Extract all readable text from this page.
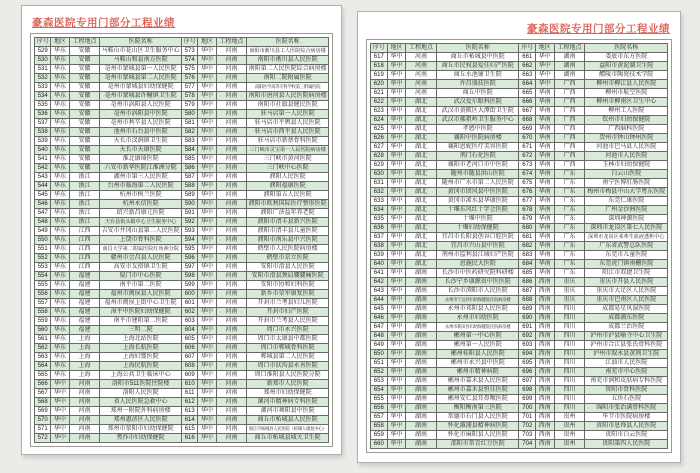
豪森医院专用门部分工程业绩
序号	地区	工程地点	医院名称	序号	地区	工程地点	医院名称
529	华东	安徽	马鞍山市花山区卫生服务中心	573	华中	河南	南阳市淅川县工人医院综合病房楼
530	华东	安徽	马鞍山和县南方医院	574	华中	河南	南阳市淅川县人民医院
531	华东	安徽	亳州市蒙城县第一人民医院	575	华中	河南	南阳第二人民医院综合病房楼
532	华东	安徽	亳州市蒙城县第二人民医院	576	华中	河南	南阳二院附属医院
533	华东	安徽	亳州市蒙城县妇幼保健院	577	华中	河南	南阳医学高等专科学校第三附属医院
534	华东	安徽	亳州市蒙城县许疃镇卫生院	578	华中	河南	南阳市唐河县人民医院病房楼
535	华东	安徽	亳州市涡阳县人民医院	579	华中	河南	南阳市社旗县健民医院
536	华东	安徽	亳州市涡阳县中医院	580	华中	河南	驻马店第一人民医院
537	华东	安徽	亳州市利辛县人民医院	581	华中	河南	驻马店市平舆县人民医院
538	华东	安徽	池州市石台县中医院	582	华中	河南	驻马店市西平县人民医院
539	华东	安徽	天长市汊涧镇卫生院	583	华中	河南	驻马店市新蔡骨科医院
540	华东	安徽	天长市天康医院	584	华中	河南	三门峡市灵宝第一人民医院病房楼
541	华东	安徽	淮北康琦医院	585	华中	河南	三门峡市黄河医院
542	华东	安徽	六安市新华医院江淮洲分院	586	华中	河南	三门峡中心医院
543	华东	浙江	湖州市第三人民医院	587	华中	河南	濮阳人民医院
544	华东	浙江	台州市临海第二人民医院	588	华中	河南	濮阳福康医院
545	华东	浙江	杭州市树兰医院	589	华中	河南	濮阳第五人民医院
546	华东	浙江	杭州永信医院	590	华中	河南	濮阳市欧利国际医疗整形医院
547	华东	浙江	绍兴新昌康元医院	591	华中	河南	濮阳广济益年养老院
548	华东	浙江	天台县街头镇中心卫生服务中心	592	华中	河南	濮阳市清丰县新兴医院
549	华东	江西	吉安市井冈山县第二人民医院	593	华中	河南	濮阳市清丰县儿童医院
550	华东	江西	上饶市骨科医院	594	华中	河南	濮阳市南乐县中兴医院
551	华东	江西	南昌大学第二附属医院红角洲分院	595	华中	河南	鹤壁市人民医院病房楼
552	华东	江西	赣州市会昌县人民医院	596	华中	河南	鹤壁市京立医院
553	华东	江西	高安市友搭镇卫生院	597	华中	河南	安阳市滑县人民医院
554	华东	福建	厦门市中心医院	598	华中	河南	安阳市滑县颈肩腰腿痛医院
555	华东	福建	南平市第二医院	599	华中	河南	安阳市协和妇科医院
556	华东	福建	福州市闽侯县人民医院	600	华中	河南	新乡市荣军康复医院
557	华东	福建	福州市闽侯上街中心卫生院	601	华中	河南	开封市兰考县妇儿医院
558	华东	福建	漳平中医院妇幼保健院	602	华中	河南	开封市妇产医院
559	华东	福建	南平市建阳第二医院	603	华中	河南	开封市兰考县人民医院
560	华东	福建	三明二院	604	华中	河南	周口市永兴医院
561	华东	上海	上海北站医院	605	华中	河南	周口市太康县中都医院
562	华东	上海	上海长航医院	606	华中	河南	周口市郸城骨科医院
563	华东	上海	上海妇婴医院	607	华中	河南	郸城县第二人民医院
564	华东	上海	上海民航医院	608	华中	河南	周口市扶沟县永善医院
565	华东	上海	上海公共卫生临床中心	609	华中	河南	周口淮阳县人民医院分院
566	华中	河南	洛阳市511医院住院楼	610	华中	河南	新郑市人民医院
567	华中	河南	洛阳人民医院	611	华中	河南	郑州市妇幼保健院
568	华中	河南	省人民医院急救中心	612	华中	河南	漯河市精神病专科医院
569	华中	河南	郑州一附院外科病房楼	613	华中	河南	漯河市舞阳县中医院
570	华中	河南	郑州惠济区人民医院	614	华中	河南	商丘市柘城县人民医院
571	华中	河南	郑州市荥阳市妇幼保健院	615	华中	河南	商丘市柘城县人民医院（柘城人康复中心）
572	华中	河南	焦作市妇幼保健院	616	华中	河南	商丘市柘城县城关卫生院
豪森医院专用门部分工程业绩
序号	地区	工程地点	医院名称	序号	地区	工程地点	医院名称
617	华中	河南	商丘市柘城县中医院	661	华中	湖南	娄底市东方医院
618	华中	河南	商丘市民权县爱佳妇产医院	662	华中	湖南	益阳市黄泥湖卫生院
619	华中	河南	商丘水池铺卫生院	663	华中	湖南	醴陵市陶瓷技术学院
620	华中	河南	许昌盛扶医院	664	华中	广西	柳州市柳江县人民医院
621	华中	河南	商丘中医院	665	华南	广西	柳州市航空医院
622	华中	湖北	武汉爱尔眼科医院	666	华南	广西	柳州市柳南区卫生中心
623	华中	湖北	武汉市黄陂区大潭街卫生院	667	华南	广西	柳州工人医院
624	华中	湖北	武汉市佛祖岭卫生服务中心	668	华南	广西	钦州市妇幼保健院
625	华中	湖北	孝感中医院	669	华南	广西	广西脑科医院
626	华中	湖北	襄阳中医院病房楼	670	华南	广西	贺州市钟山钟州医院
627	华中	湖北	襄阳恩妮医疗美容医院	671	华南	广西	河池市巴马县人民医院
628	华中	湖北	荆门石化医院	672	华南	广西	河池市人民医院
629	华中	湖北	襄阳市老河口市中医院	673	华南	广西	玉林市妇幼保健院
630	华中	湖北	随州市随县洪山医院	674	华南	广东	白云山医院
631	华中	湖北	随州市广水市第二人民医院	675	华南	广东	南宁医博肛肠医院
632	华中	湖北	黄冈市团风县中医医院	676	华南	广东	梅州市梅县中山大学粤东医院
633	华中	湖北	黄冈市浠水县华康医院	677	华南	广东	东莞仁康医院
634	华中	湖北	十堰东风红十字会医院	678	华南	广东	广州金沙洲医院
635	华中	湖北	十堰中医院	679	华南	广东	深圳神源医院
636	华中	湖北	十堰妇幼保健院	680	华南	广东	深圳市龙岗区第七人民医院
637	华中	湖北	宜昌市长阳县创谷口腔医院	681	华南	广东	深圳市龙岗区莱弗生血液透析中心
638	华中	湖北	宜昌市兴山县中医院	682	华南	广东	广东省武警总队医院
639	华中	湖北	荆州市监利县江城妇产医院	683	华南	广东	东莞市儿童医院
640	华中	湖北	恩施民大医院	684	华南	广东	东莞虎门镇南栅医院
641	华中	湖南	长沙市中医药研究院科研楼	685	华南	广东	阳江市双捷卫生院
642	华中	湖南	长沙宁乡康源贵中医医院	686	西南	重庆	重庆市开县人民医院
643	华中	湖南	长沙市浏阳市人民医院	687	西南	重庆	重庆市大足区人民医院
644	华中	湖南	永州市宁远县妇幼保健院住院病房楼	688	西南	重庆	重庆市巴南区人民医院
645	华中	湖南	永州市祁阳县人民医院	689	西南	四川	成都易星风湿医院
646	华中	湖南	永州市妇幼医院	690	西南	四川	成都浦东医院
647	华中	湖南	永州市新田县妇幼保健院住院病房楼	691	西南	四川	成都兰治医院
648	华中	湖南	郴州第一中心医院	692	西南	四川	泸州市泸县喻寺中心卫生院
649	华中	湖南	郴州第一人民医院	693	西南	四川	泸州市合江县张氏骨科医院
650	华中	湖南	郴州桂阳县人民医院	694	西南	四川	泸州市叙永县黄荆卫生院
651	华中	湖南	郴州市永兴县中医院	695	西南	四川	江油市人民医院
652	华中	湖南	郴州市精神病院	696	西南	四川	南充市中心医院
653	华中	湖南	郴州市嘉禾县人民医院	697	西南	四川	南充市润和皮肤病专科医院
654	华中	湖南	郴州市嘉禾县恒佳医院	698	西南	四川	资阳市骨科医院
655	华中	湖南	郴州安仁县耳鼻喉医院	699	西南	四川	五块石医院
656	华中	湖南	衡阳衡南第三医院	700	西南	四川	绵阳市张治满骨科医院
657	华中	湖南	常德市石门县人民医院	701	西南	贵州	毕节市医院病房楼
658	华中	湖南	怀化溆浦县精神病医院	702	西南	贵州	贵阳市息烽县人民医院
659	华中	湖南	怀化市麻阳县人民医院	703	西南	贵州	贵阳市白云医院
660	华中	湖南	邵阳市常青红豆医院	704	西南	贵州	贵阳第四人民医院
